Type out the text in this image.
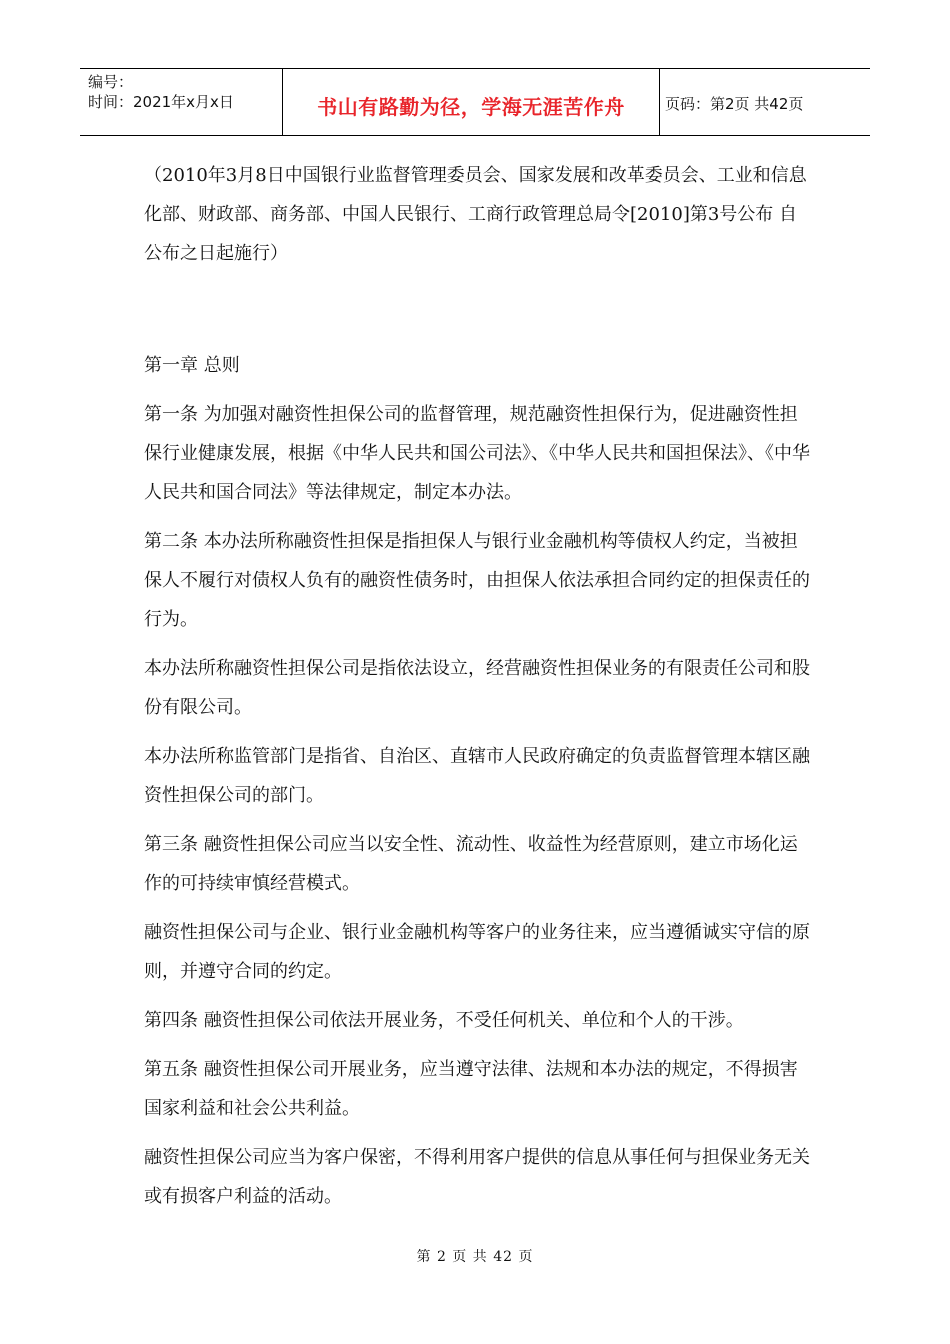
编号：
时间：2021年x月x日	书山有路勤为径，学海无涯苦作舟	页码：第2页 共42页

（2010年3月8日中国银行业监督管理委员会、国家发展和改革委员会、工业和信息化部、财政部、商务部、中国人民银行、工商行政管理总局令[2010]第3号公布 自公布之日起施行）

第一章 总则

第一条 为加强对融资性担保公司的监督管理，规范融资性担保行为，促进融资性担保行业健康发展，根据《中华人民共和国公司法》、《中华人民共和国担保法》、《中华人民共和国合同法》等法律规定，制定本办法。

第二条 本办法所称融资性担保是指担保人与银行业金融机构等债权人约定，当被担保人不履行对债权人负有的融资性债务时，由担保人依法承担合同约定的担保责任的行为。

本办法所称融资性担保公司是指依法设立，经营融资性担保业务的有限责任公司和股份有限公司。

本办法所称监管部门是指省、自治区、直辖市人民政府确定的负责监督管理本辖区融资性担保公司的部门。

第三条 融资性担保公司应当以安全性、流动性、收益性为经营原则，建立市场化运作的可持续审慎经营模式。

融资性担保公司与企业、银行业金融机构等客户的业务往来，应当遵循诚实守信的原则，并遵守合同的约定。

第四条 融资性担保公司依法开展业务，不受任何机关、单位和个人的干涉。

第五条 融资性担保公司开展业务，应当遵守法律、法规和本办法的规定，不得损害国家利益和社会公共利益。

融资性担保公司应当为客户保密，不得利用客户提供的信息从事任何与担保业务无关或有损客户利益的活动。

第 2 页 共 42 页
